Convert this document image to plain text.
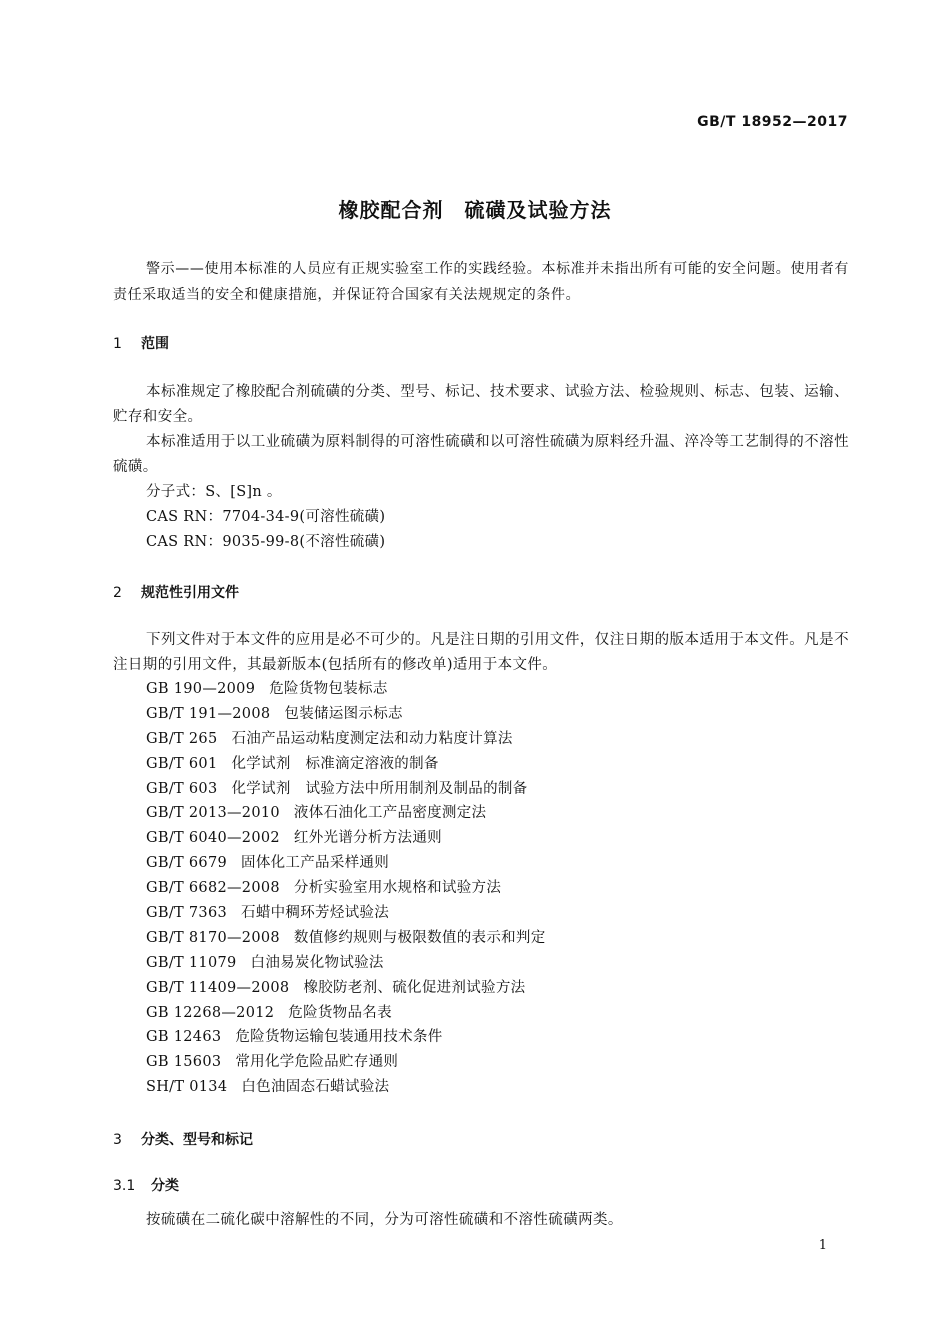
GB/T 18952—2017
橡胶配合剂　硫磺及试验方法
警示——使用本标准的人员应有正规实验室工作的实践经验。本标准并未指出所有可能的安全问题。使用者有责任采取适当的安全和健康措施，并保证符合国家有关法规规定的条件。
1 范围
本标准规定了橡胶配合剂硫磺的分类、型号、标记、技术要求、试验方法、检验规则、标志、包装、运输、贮存和安全。
本标准适用于以工业硫磺为原料制得的可溶性硫磺和以可溶性硫磺为原料经升温、淬冷等工艺制得的不溶性硫磺。
分子式：S、[S]n 。
CAS RN：7704-34-9(可溶性硫磺)
CAS RN：9035-99-8(不溶性硫磺)
2 规范性引用文件
下列文件对于本文件的应用是必不可少的。凡是注日期的引用文件，仅注日期的版本适用于本文件。凡是不注日期的引用文件，其最新版本(包括所有的修改单)适用于本文件。
GB 190—2009 危险货物包装标志
GB/T 191—2008 包装储运图示标志
GB/T 265 石油产品运动粘度测定法和动力粘度计算法
GB/T 601 化学试剂　标准滴定溶液的制备
GB/T 603 化学试剂　试验方法中所用制剂及制品的制备
GB/T 2013—2010 液体石油化工产品密度测定法
GB/T 6040—2002 红外光谱分析方法通则
GB/T 6679 固体化工产品采样通则
GB/T 6682—2008 分析实验室用水规格和试验方法
GB/T 7363 石蜡中稠环芳烃试验法
GB/T 8170—2008 数值修约规则与极限数值的表示和判定
GB/T 11079 白油易炭化物试验法
GB/T 11409—2008 橡胶防老剂、硫化促进剂试验方法
GB 12268—2012 危险货物品名表
GB 12463 危险货物运输包装通用技术条件
GB 15603 常用化学危险品贮存通则
SH/T 0134 白色油固态石蜡试验法
3 分类、型号和标记
3.1 分类
按硫磺在二硫化碳中溶解性的不同，分为可溶性硫磺和不溶性硫磺两类。
1
